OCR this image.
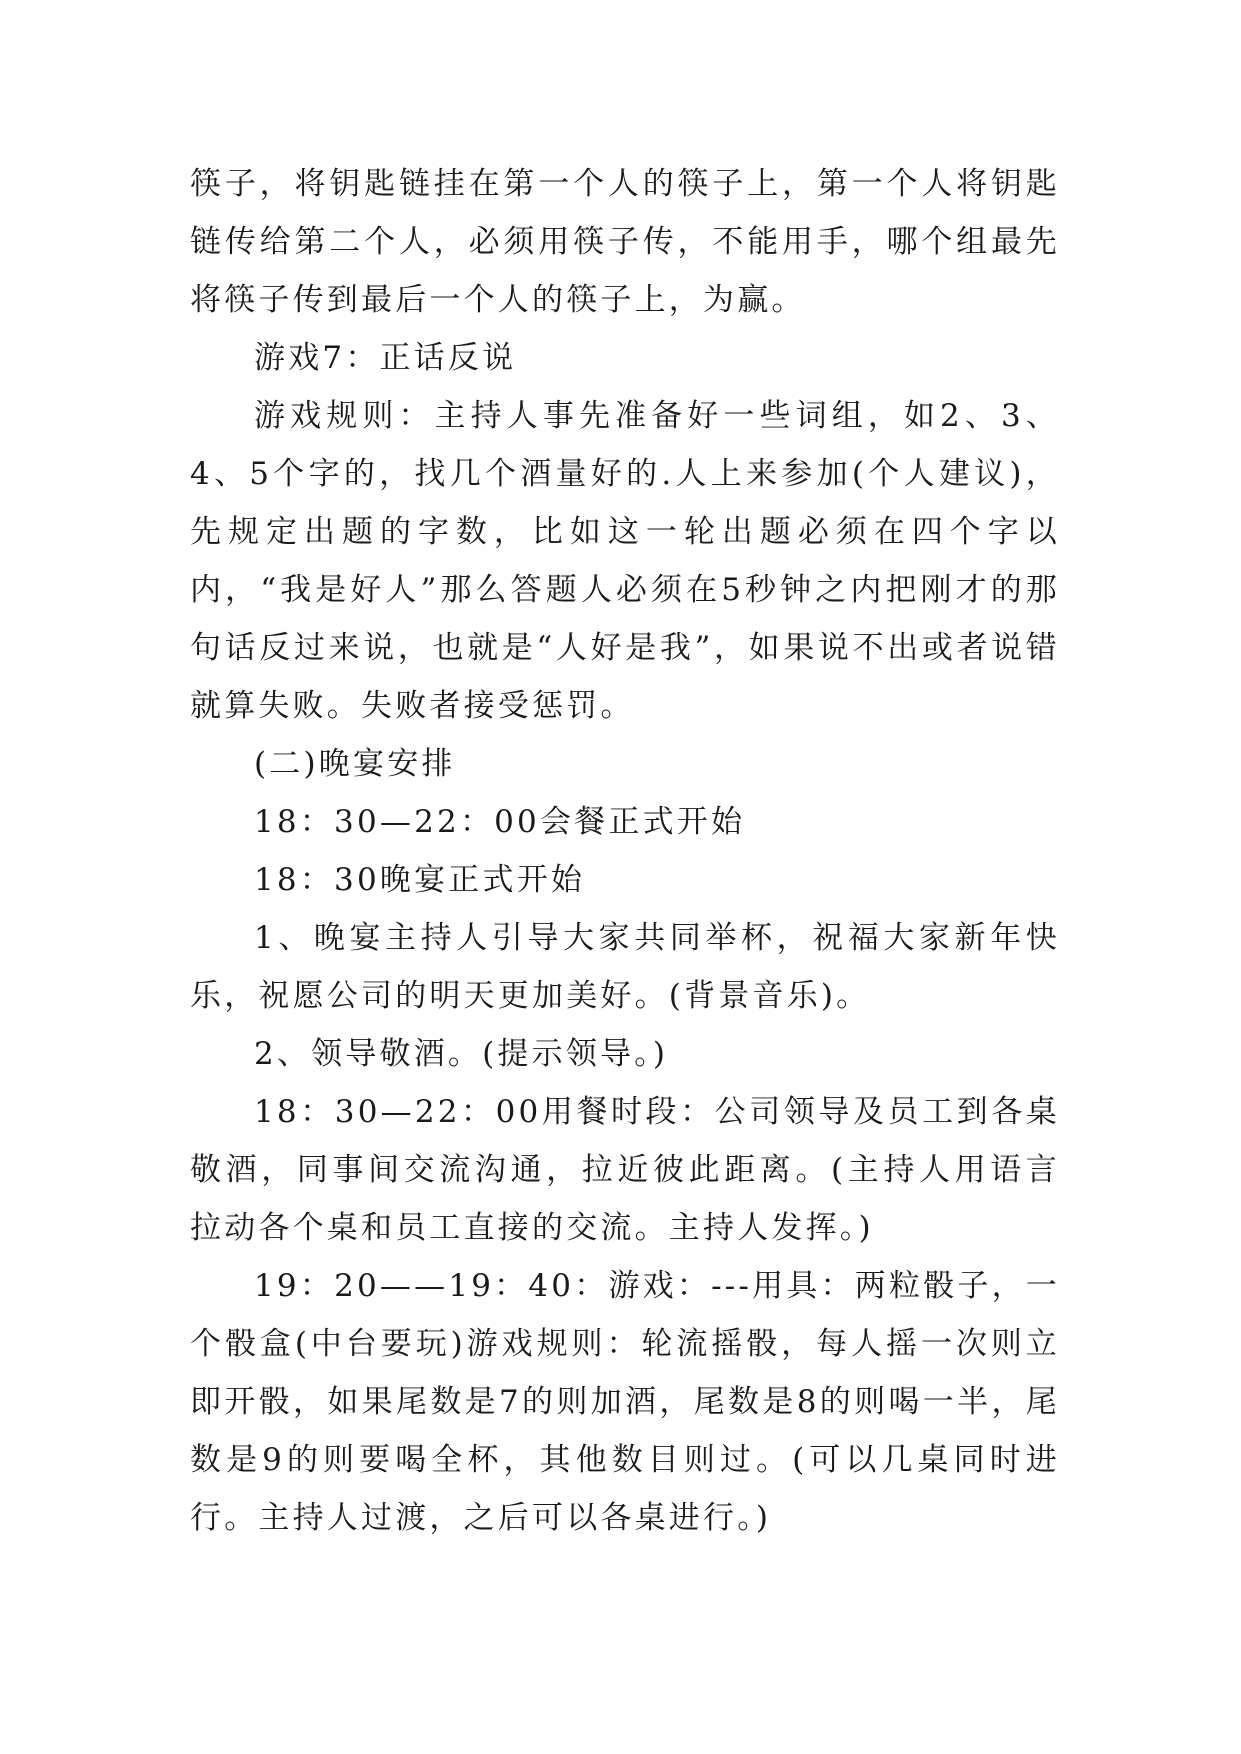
筷子，将钥匙链挂在第一个人的筷子上，第一个人将钥匙链传给第二个人，必须用筷子传，不能用手，哪个组最先将筷子传到最后一个人的筷子上，为赢。

游戏7：正话反说

游戏规则：主持人事先准备好一些词组，如2、3、4、5个字的，找几个酒量好的.人上来参加(个人建议)，先规定出题的字数，比如这一轮出题必须在四个字以内，“我是好人”那么答题人必须在5秒钟之内把刚才的那句话反过来说，也就是“人好是我”，如果说不出或者说错就算失败。失败者接受惩罚。

(二)晚宴安排

18：30—22：00会餐正式开始

18：30晚宴正式开始

1、晚宴主持人引导大家共同举杯，祝福大家新年快乐，祝愿公司的明天更加美好。(背景音乐)。

2、领导敬酒。(提示领导。)

18：30—22：00用餐时段：公司领导及员工到各桌敬酒，同事间交流沟通，拉近彼此距离。(主持人用语言拉动各个桌和员工直接的交流。主持人发挥。)

19：20——19：40：游戏：---用具：两粒骰子，一个骰盒(中台要玩)游戏规则：轮流摇骰，每人摇一次则立即开骰，如果尾数是7的则加酒，尾数是8的则喝一半，尾数是9的则要喝全杯，其他数目则过。(可以几桌同时进行。主持人过渡，之后可以各桌进行。)
